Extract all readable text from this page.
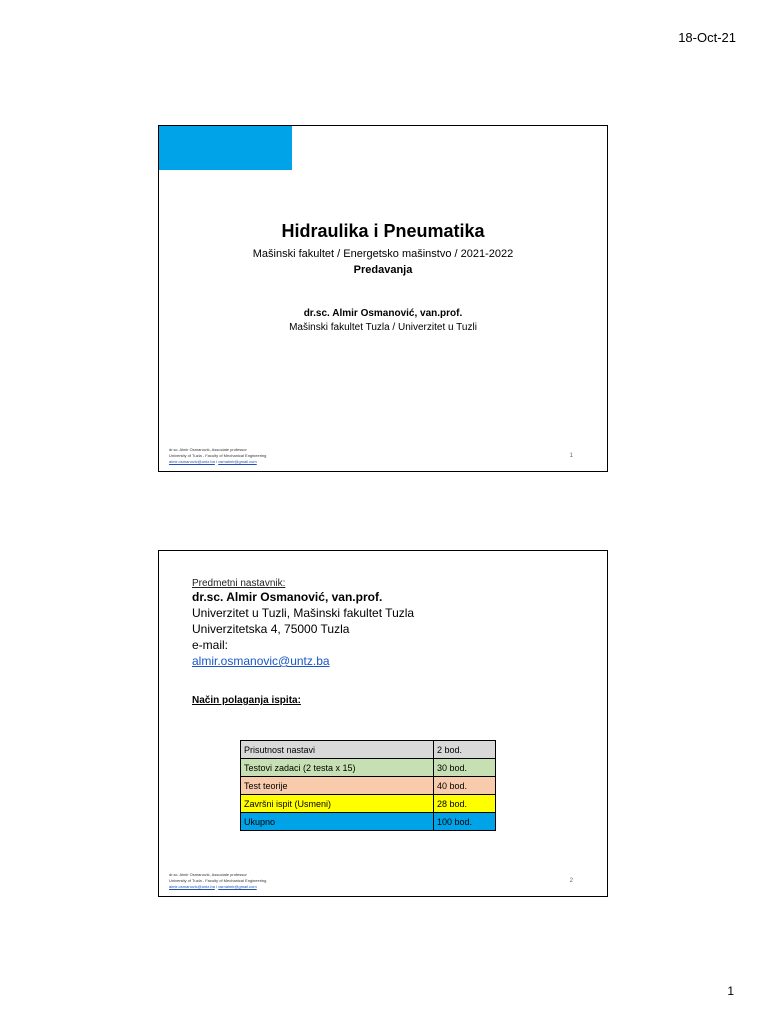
18-Oct-21
Hidraulika i Pneumatika
Mašinski fakultet / Energetsko mašinstvo / 2021-2022
Predavanja
dr.sc. Almir Osmanović, van.prof.
Mašinski fakultet Tuzla / Univerzitet u Tuzli
dr.sc. Almir Osmanović, Associate professor
University of Tuzla - Faculty of Mechanical Engineering
almir.osmanovic@untz.ba / osmalmir@gmail.com
1
Predmetni nastavnik:
dr.sc. Almir Osmanović, van.prof.
Univerzitet u Tuzli, Mašinski fakultet Tuzla
Univerzitetska 4, 75000 Tuzla
e-mail:
almir.osmanovic@untz.ba
Način polaganja ispita:
Prisutnost nastavi	2 bod.
Testovi zadaci (2 testa x 15)	30 bod.
Test teorije	40 bod.
Završni ispit (Usmeni)	28 bod.
Ukupno	100 bod.
dr.sc. Almir Osmanović, Associate professor
University of Tuzla - Faculty of Mechanical Engineering
almir.osmanovic@untz.ba / osmalmir@gmail.com
2
1
